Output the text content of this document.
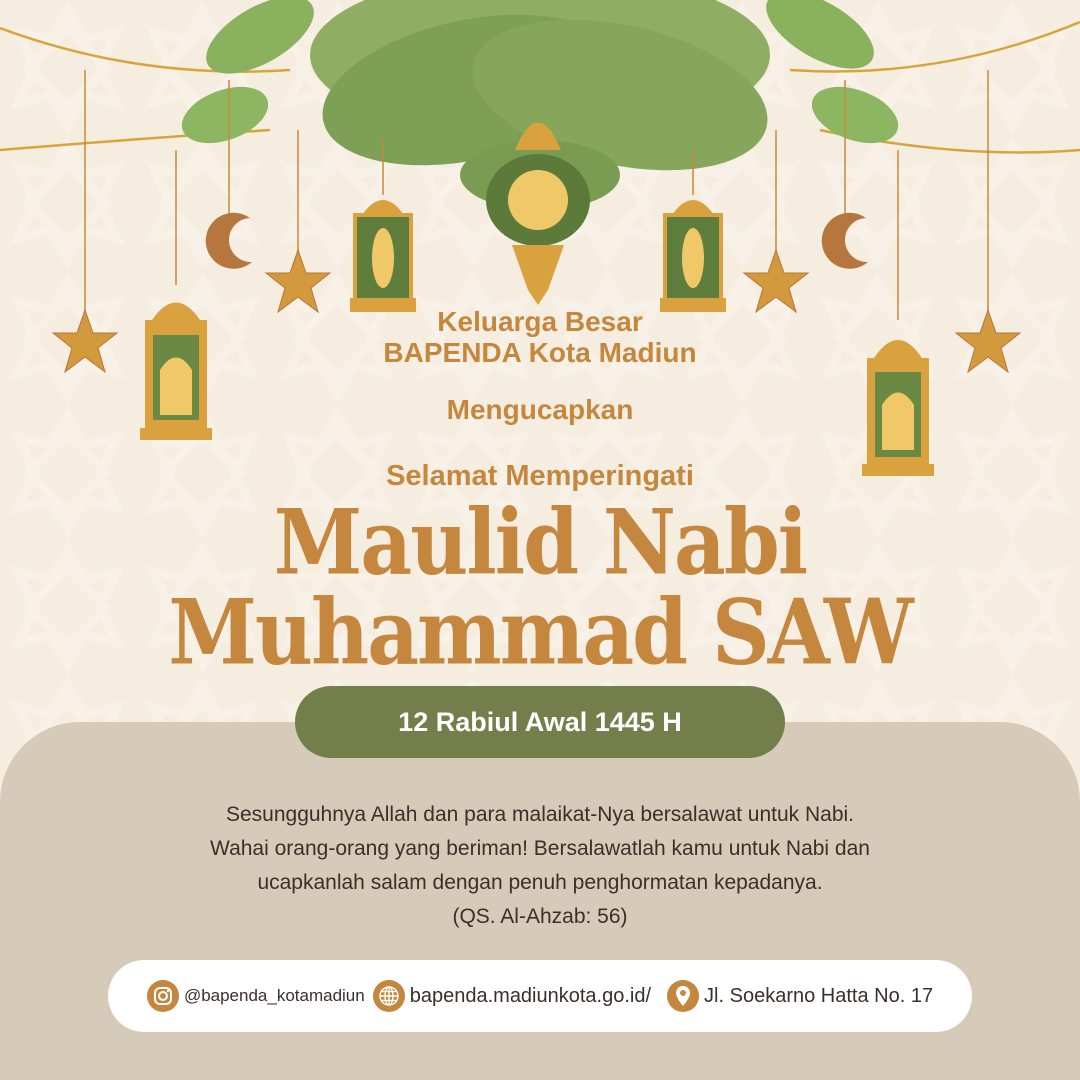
Keluarga Besar
BAPENDA Kota Madiun
Mengucapkan
Selamat Memperingati
Maulid Nabi
Muhammad SAW
12 Rabiul Awal 1445 H
Sesungguhnya Allah dan para malaikat-Nya bersalawat untuk Nabi.
Wahai orang-orang yang beriman! Bersalawatlah kamu untuk Nabi dan
ucapkanlah salam dengan penuh penghormatan kepadanya.
(QS. Al-Ahzab: 56)
@bapenda_kotamadiun bapenda.madiunkota.go.id/	Jl. Soekarno Hatta No. 17
